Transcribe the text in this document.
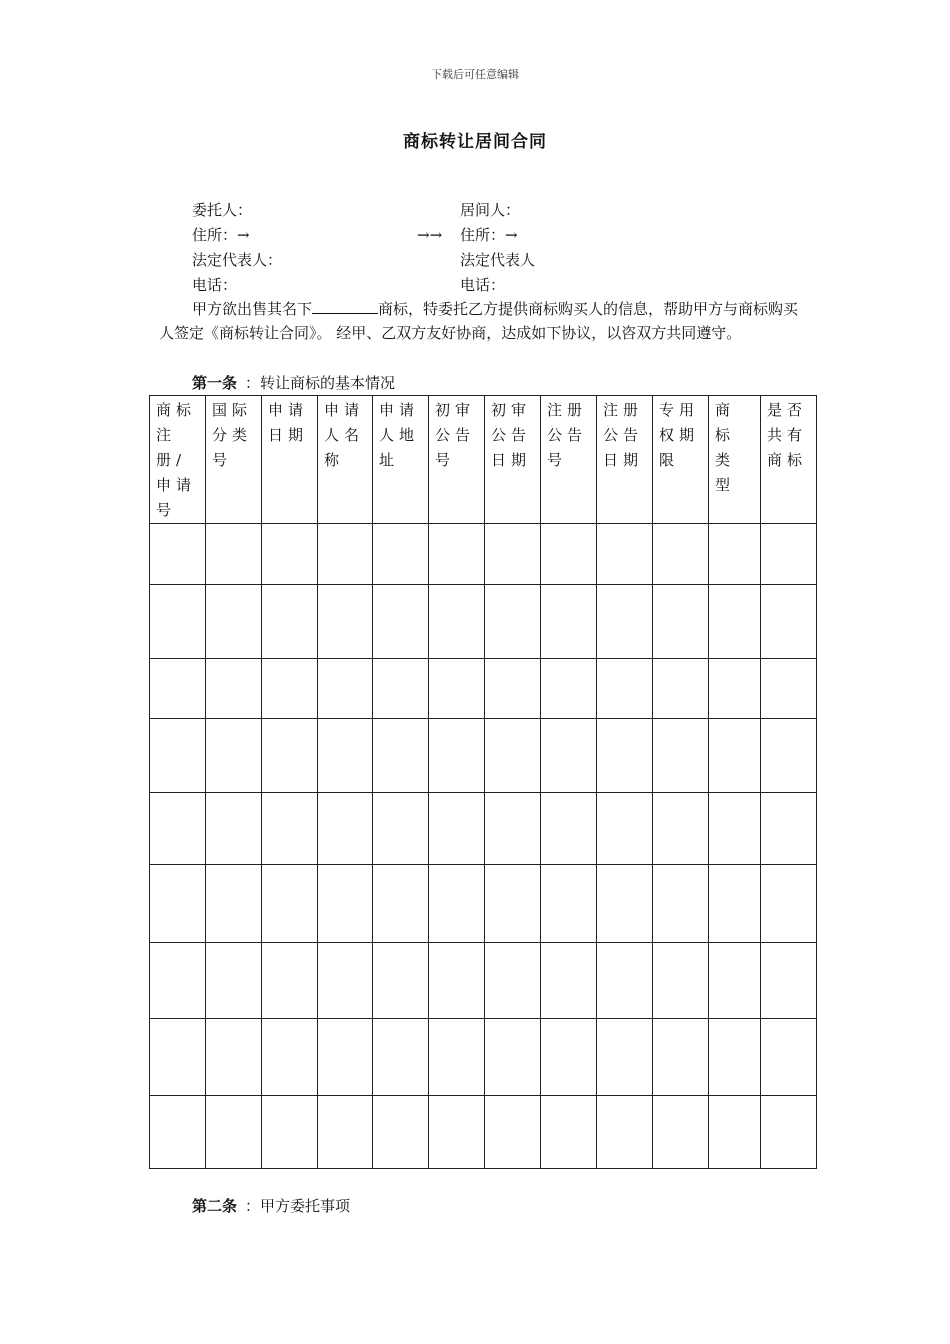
下载后可任意编辑
商标转让居间合同
委托人：
住所：→
法定代表人：
电话：
→→
居间人：
住所：→
法定代表人
电话：
甲方欲出售其名下	商标，特委托乙方提供商标购买人的信息，帮助甲方与商标购买人签定《商标转让合同》。 经甲、乙双方友好协商，达成如下协议，以咨双方共同遵守。
第一条 ：转让商标的基本情况
商标注册/申请号	国际分类号	申请日期	申请人名称	申请人地址	初审公告号	初审公告日期	注册公告号	注册公告日期	专用权期限	商标类型	是否共有商标

第二条 ：甲方委托事项
